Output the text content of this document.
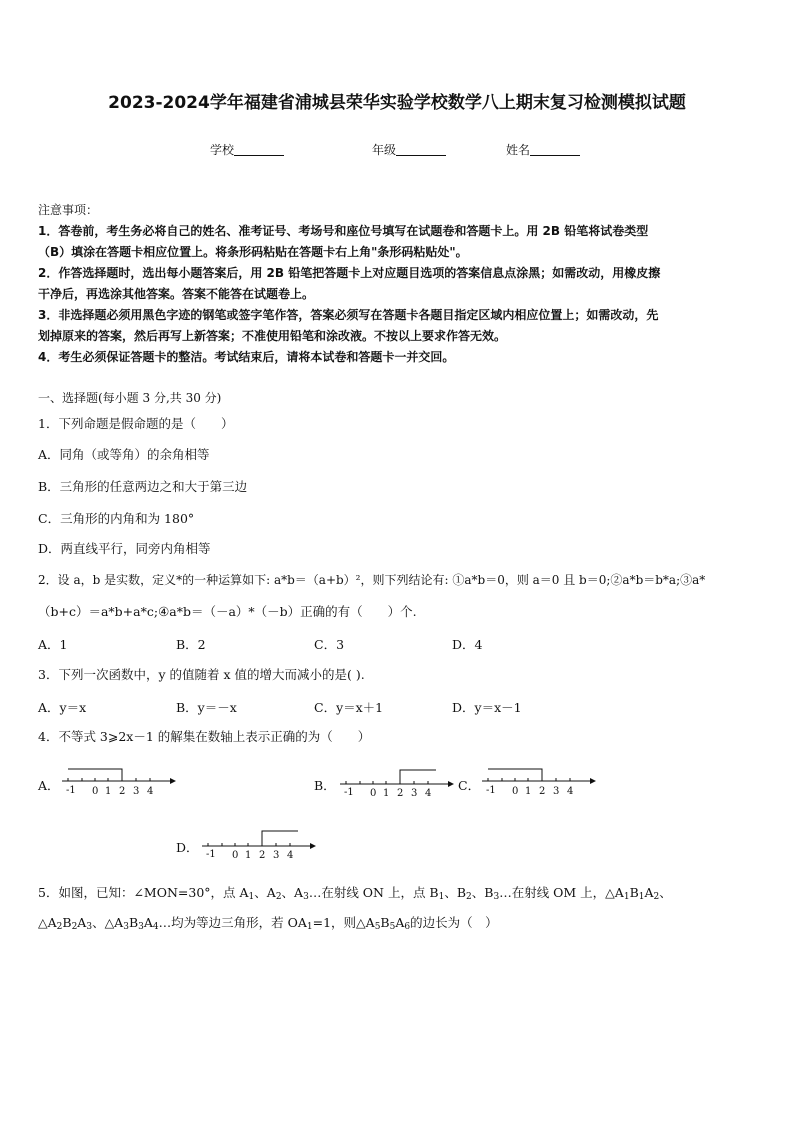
2023-2024学年福建省浦城县荣华实验学校数学八上期末复习检测模拟试题
学校	年级	姓名
注意事项：
1．答卷前，考生务必将自己的姓名、准考证号、考场号和座位号填写在试题卷和答题卡上。用 2B 铅笔将试卷类型
（B）填涂在答题卡相应位置上。将条形码粘贴在答题卡右上角"条形码粘贴处"。
2．作答选择题时，选出每小题答案后，用 2B 铅笔把答题卡上对应题目选项的答案信息点涂黑；如需改动，用橡皮擦
干净后，再选涂其他答案。答案不能答在试题卷上。
3．非选择题必须用黑色字迹的钢笔或签字笔作答，答案必须写在答题卡各题目指定区域内相应位置上；如需改动，先
划掉原来的答案，然后再写上新答案；不准使用铅笔和涂改液。不按以上要求作答无效。
4．考生必须保证答题卡的整洁。考试结束后，请将本试卷和答题卡一并交回。
一、选择题(每小题 3 分,共 30 分)
1．下列命题是假命题的是（　　）
A．同角（或等角）的余角相等
B．三角形的任意两边之和大于第三边
C．三角形的内角和为 180°
D．两直线平行，同旁内角相等
2．设 a，b 是实数，定义*的一种运算如下: a*b＝（a+b）²，则下列结论有: ①a*b＝0，则 a＝0 且 b＝0;②a*b＝b*a;③a*
（b+c）＝a*b+a*c;④a*b＝（－a）*（－b）正确的有（　　）个.
A．1	B．2	C．3	D．4
3．下列一次函数中，y 的值随着 x 值的增大而减小的是( ).
A．y＝x	B．y＝－x	C．y＝x＋1	D．y＝x－1
4．不等式 3⩾2x－1 的解集在数轴上表示正确的为（　　）
A． -1 0 1 2 3 4	B． -1 0 1 2 3 4
C． -1 0 1 2 3 4
D． -1 0 1 2 3 4
5．如图，已知：∠MON=30°，点 $A_1$、$A_2$、$A_3\dots$在射线 ON 上，点 $B_1$、$B_2$、$B_3\dots$在射线 OM 上，$\triangle A_1B_1A_2$、
$\triangle A_2B_2A_3$、$\triangle A_3B_3A_4\dots$均为等边三角形，若 $OA_1=1$，则$\triangle A_5B_5A_6$的边长为（　）
